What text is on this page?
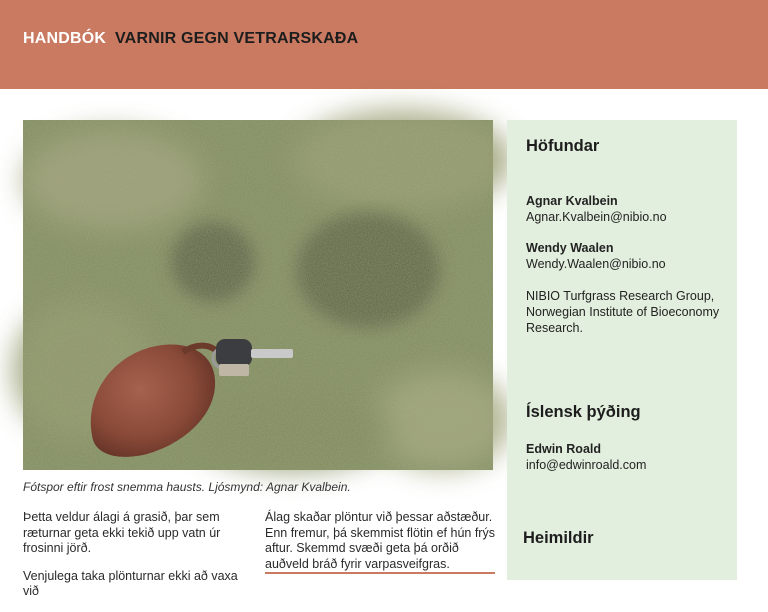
HANDBÓK VARNIR GEGN VETRARSKAÐA
Fótspor eftir frost snemma hausts. Ljósmynd: Agnar Kvalbein.

Þetta veldur álagi á grasið, þar sem ræturnar geta ekki tekið upp vatn úr frosinni jörð.

Venjulega taka plönturnar ekki að vaxa við

Álag skaðar plöntur við þessar aðstæður. Enn fremur, þá skemmist flötin ef hún frýs aftur. Skemmd svæði geta þá orðið auðveld bráð fyrir varpasveifgras.

Höfundar
Agnar Kvalbein
Agnar.Kvalbein@nibio.no
Wendy Waalen
Wendy.Waalen@nibio.no
NIBIO Turfgrass Research Group, Norwegian Institute of Bioeconomy Research.
Íslensk þýðing
Edwin Roald
info@edwinroald.com
Heimildir
